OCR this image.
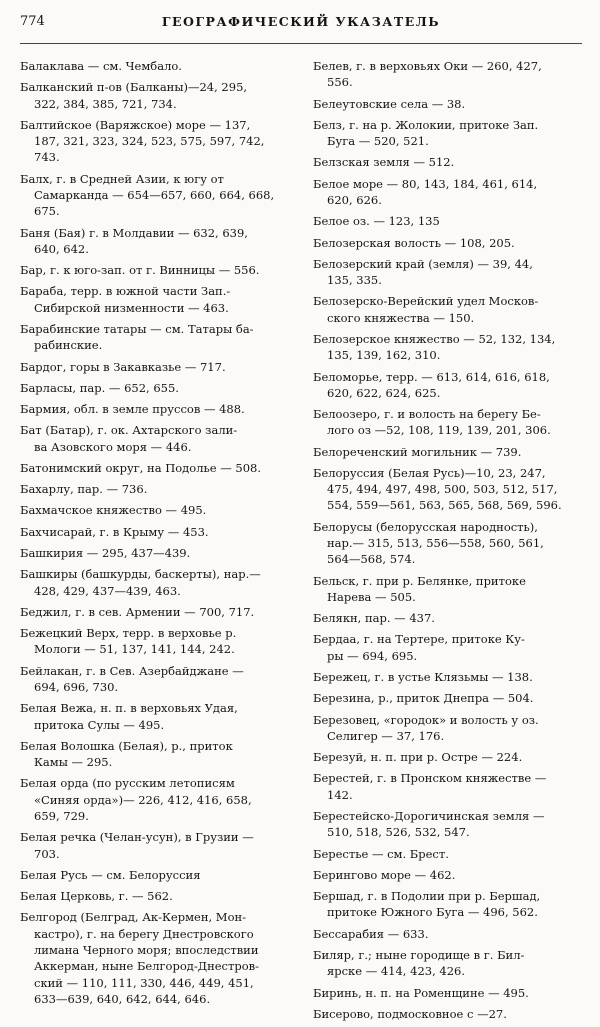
774	ГЕОГРАФИЧЕСКИЙ УКАЗАТЕЛЬ

Балаклава — см. Чембало.

Балканский п-ов (Балканы)—24, 295,
322, 384, 385, 721, 734.

Балтийское (Варяжское) море — 137,
187, 321, 323, 324, 523, 575, 597, 742,
743.

Балх, г. в Средней Азии, к югу от
Самарканда — 654—657, 660, 664, 668,
675.

Баня (Бая) г. в Молдавии — 632, 639,
640, 642.

Бар, г. к юго-зап. от г. Винницы — 556.

Бараба, терр. в южной части Зап.-
Сибирской низменности — 463.

Барабинские татары — см. Татары ба-
рабинские.

Бардог, горы в Закавказье — 717.

Барласы, пар. — 652, 655.

Бармия, обл. в земле пруссов — 488.

Бат (Батар), г. ок. Ахтарского зали-
ва Азовского моря — 446.

Батонимский округ, на Подолье — 508.

Бахарлу, пар. — 736.

Бахмачское княжество — 495.

Бахчисарай, г. в Крыму — 453.

Башкирия — 295, 437—439.

Башкиры (башкурды, баскерты), нар.—
428, 429, 437—439, 463.

Беджил, г. в сев. Армении — 700, 717.

Бежецкий Верх, терр. в верховье р.
Мологи — 51, 137, 141, 144, 242.

Бейлакан, г. в Сев. Азербайджане —
694, 696, 730.

Белая Вежа, н. п. в верховьях Удая,
притока Сулы — 495.

Белая Волошка (Белая), р., приток
Камы — 295.

Белая орда (по русским летописям
«Синяя орда»)— 226, 412, 416, 658,
659, 729.

Белая речка (Челан-усун), в Грузии —
703.

Белая Русь — см. Белоруссия

Белая Церковь, г. — 562.

Белгород (Белград, Ак-Кермен, Мон-
кастро), г. на берегу Днестровского
лимана Черного моря; впоследствии
Аккерман, ныне Белгород-Днестров-
ский — 110, 111, 330, 446, 449, 451,
633—639, 640, 642, 644, 646.

Белев, г. в верховьях Оки — 260, 427,
556.

Белеутовские села — 38.

Белз, г. на р. Жолокии, притоке Зап.
Буга — 520, 521.

Белзская земля — 512.

Белое море — 80, 143, 184, 461, 614,
620, 626.

Белое оз. — 123, 135

Белозерская волость — 108, 205.

Белозерский край (земля) — 39, 44,
135, 335.

Белозерско-Верейский удел Москов-
ского княжества — 150.

Белозерское княжество — 52, 132, 134,
135, 139, 162, 310.

Беломорье, терр. — 613, 614, 616, 618,
620, 622, 624, 625.

Белоозеро, г. и волость на берегу Бе-
лого оз —52, 108, 119, 139, 201, 306.

Белореченский могильник — 739.

Белоруссия (Белая Русь)—10, 23, 247,
475, 494, 497, 498, 500, 503, 512, 517,
554, 559—561, 563, 565, 568, 569, 596.

Белорусы (белорусская народность),
нар.— 315, 513, 556—558, 560, 561,
564—568, 574.

Бельск, г. при р. Белянке, притоке
Нарева — 505.

Белякн, пар. — 437.

Бердаа, г. на Тертере, притоке Ку-
ры — 694, 695.

Бережец, г. в устье Клязьмы — 138.

Березина, р., приток Днепра — 504.

Березовец, «городок» и волость у оз.
Селигер — 37, 176.

Березуй, н. п. при р. Остре — 224.

Берестей, г. в Пронском княжестве —
142.

Берестейско-Дорогичинская земля —
510, 518, 526, 532, 547.

Берестье — см. Брест.

Берингово море — 462.

Бершад, г. в Подолии при р. Бершад,
притоке Южного Буга — 496, 562.

Бессарабия — 633.

Биляр, г.; ныне городище в г. Бил-
ярске — 414, 423, 426.

Биринь, н. п. на Роменщине — 495.

Бисерово, подмосковное с —27.
